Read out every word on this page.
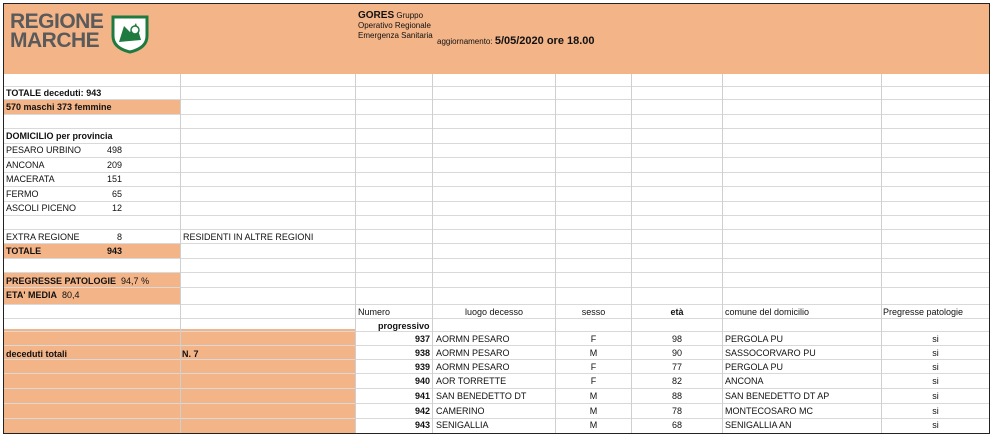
REGIONE
MARCHE
GORES Gruppo
Operativo Regionale
Emergenza Sanitaria
aggiornamento: 5/05/2020 ore 18.00
TOTALE deceduti: 943
570 maschi 373 femmine
DOMICILIO per provincia
PESARO URBINO	498
ANCONA	209
MACERATA	151
FERMO	65
ASCOLI PICENO	12
EXTRA REGIONE	8	RESIDENTI IN ALTRE REGIONI
TOTALE	943
PREGRESSE PATOLOGIE 94,7 %
ETA' MEDIA 80,4
deceduti totali	N. 7
Numero	luogo decesso	sesso	età	comune del domicilio	Pregresse patologie
progressivo
937 AORMN PESARO	F	98	PERGOLA PU	si
938 AORMN PESARO	M	90	SASSOCORVARO PU	si
939 AORMN PESARO	F	77	PERGOLA PU	si
940 AOR TORRETTE	F	82	ANCONA	si
941 SAN BENEDETTO DT	M	88	SAN BENEDETTO DT AP	si
942 CAMERINO	M	78	MONTECOSARO MC	si
943 SENIGALLIA	M	68	SENIGALLIA AN	si
